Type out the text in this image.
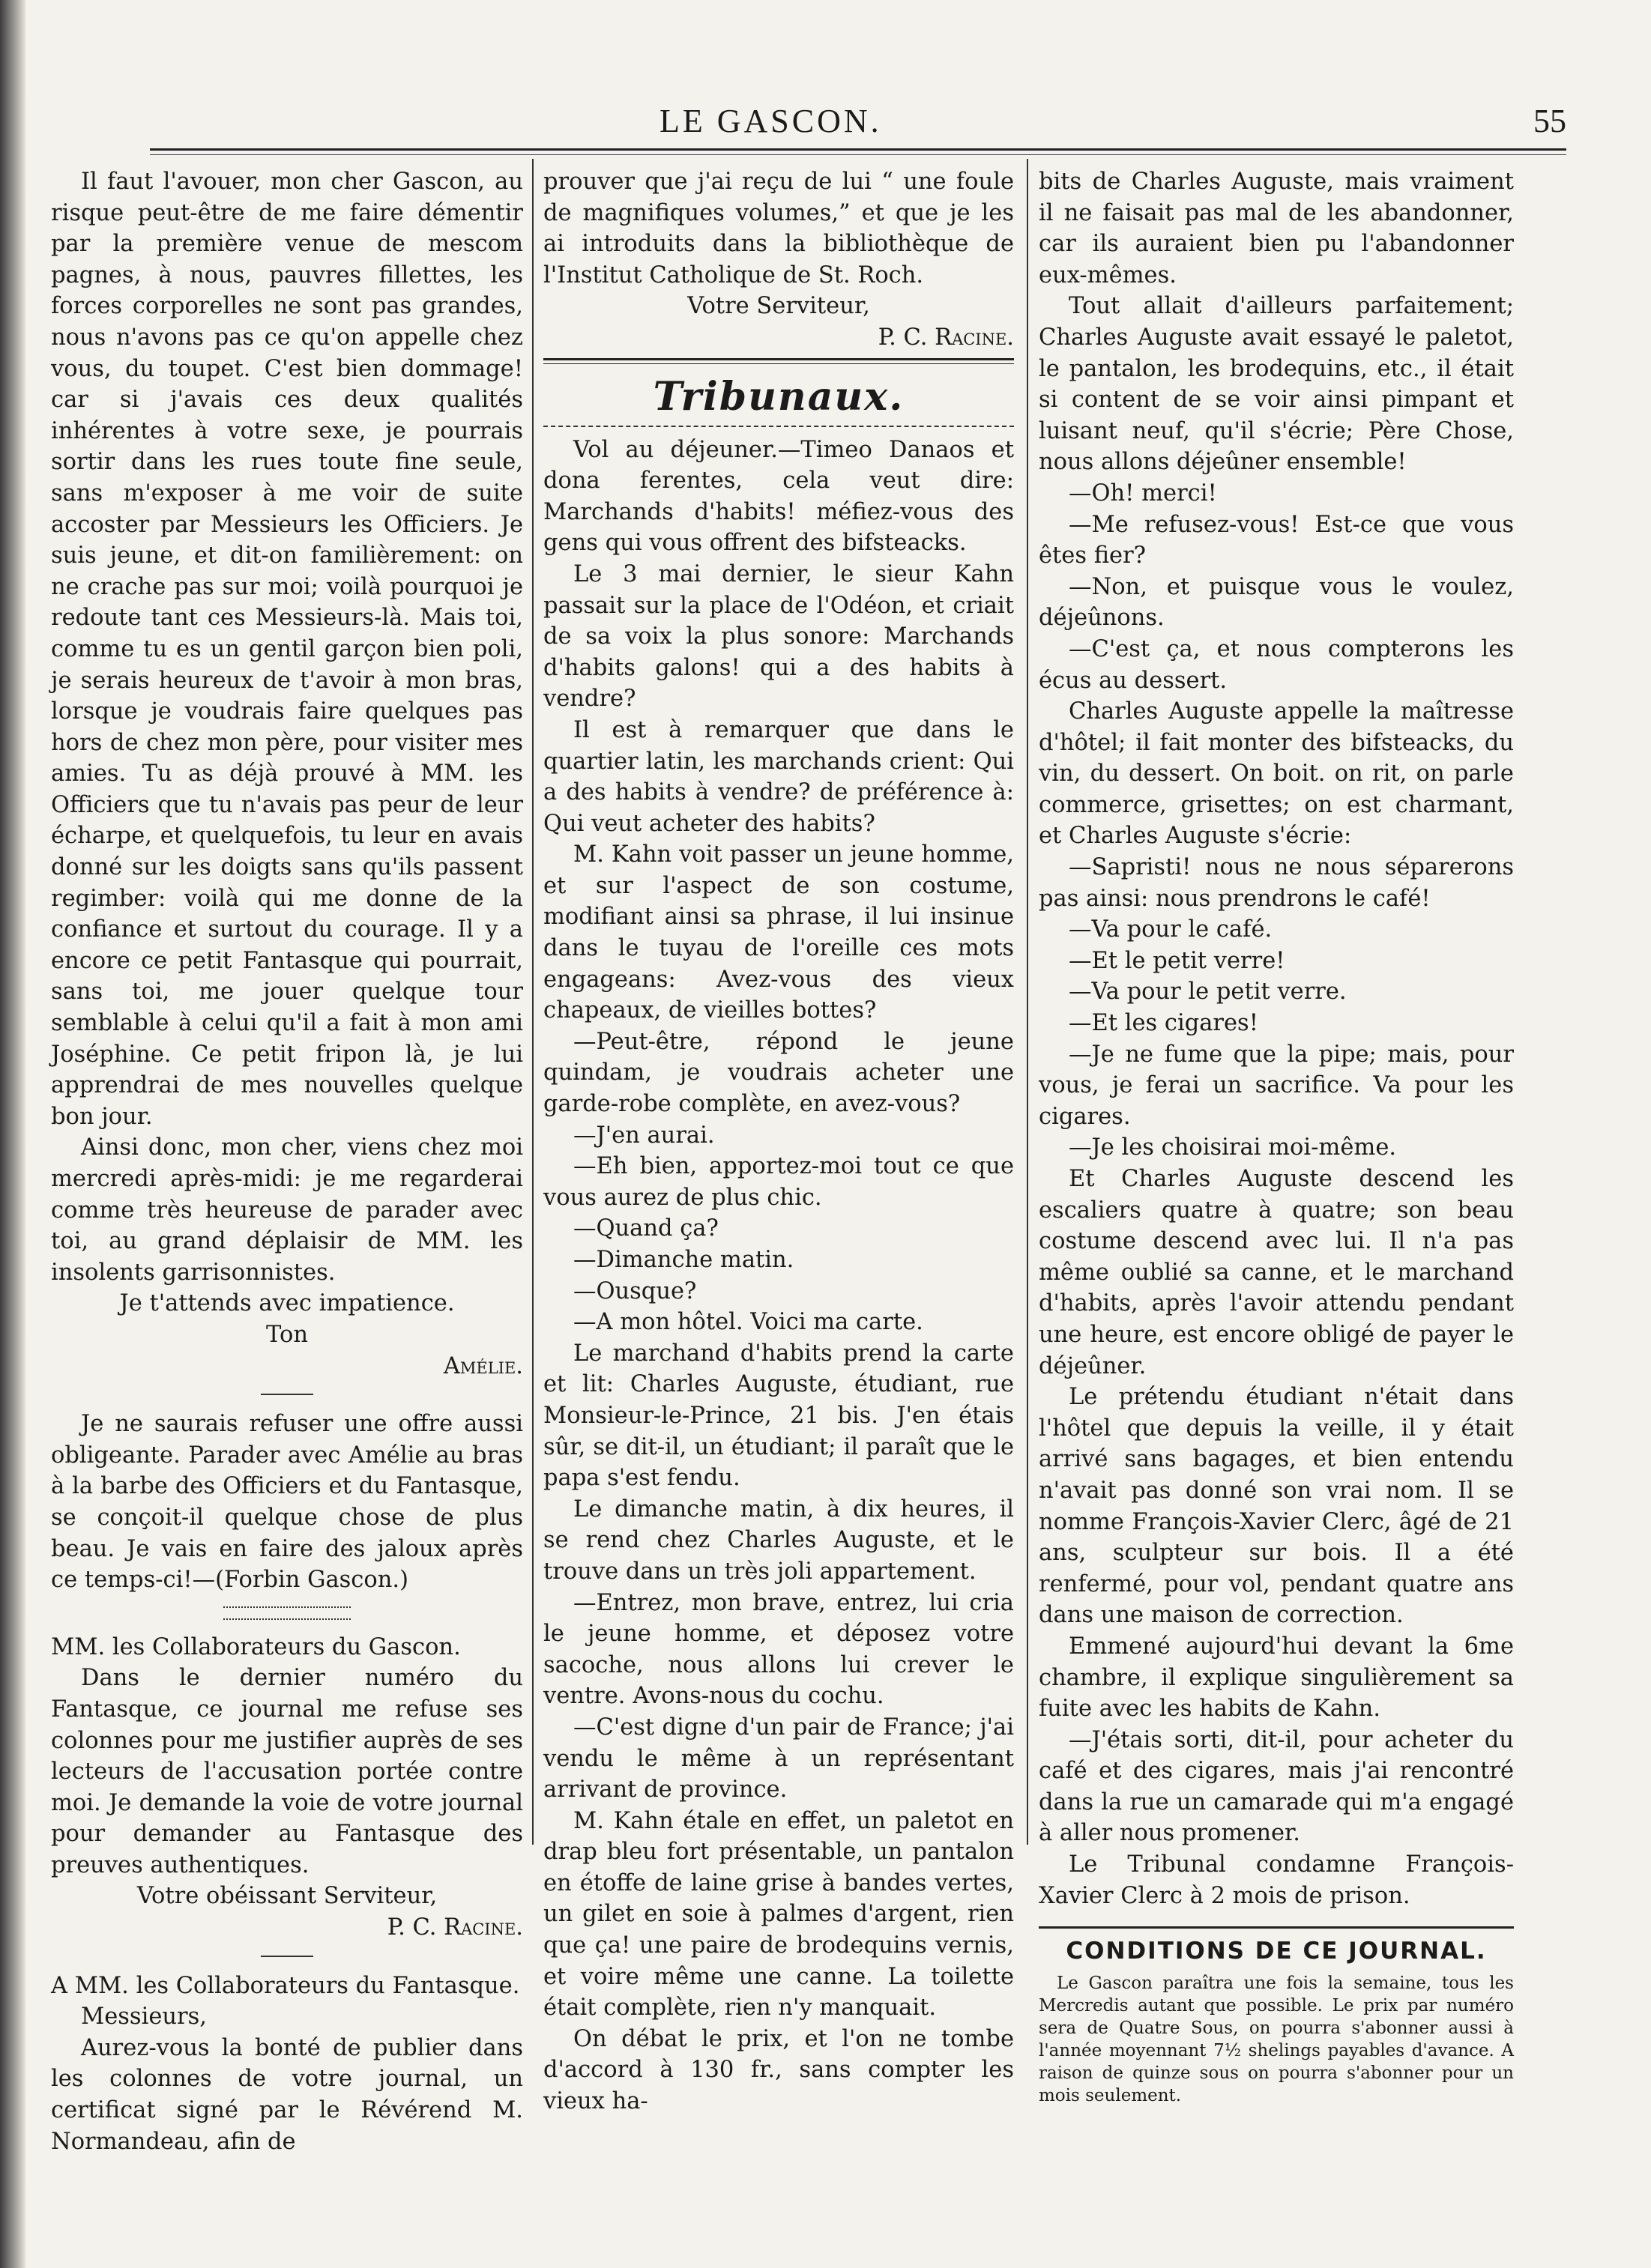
LE GASCON.	55

Il faut l'avouer, mon cher Gascon, au risque peut-être de me faire démentir par la première venue de mescom pagnes, à nous, pauvres fillettes, les forces corporelles ne sont pas grandes, nous n'avons pas ce qu'on appelle chez vous, du toupet. C'est bien dommage! car si j'avais ces deux qualités inhérentes à votre sexe, je pourrais sortir dans les rues toute fine seule, sans m'exposer à me voir de suite accoster par Messieurs les Officiers. Je suis jeune, et dit-on familièrement: on ne crache pas sur moi; voilà pourquoi je redoute tant ces Messieurs-là. Mais toi, comme tu es un gentil garçon bien poli, je serais heureux de t'avoir à mon bras, lorsque je voudrais faire quelques pas hors de chez mon père, pour visiter mes amies. Tu as déjà prouvé à MM. les Officiers que tu n'avais pas peur de leur écharpe, et quelquefois, tu leur en avais donné sur les doigts sans qu'ils passent regimber: voilà qui me donne de la confiance et surtout du courage. Il y a encore ce petit Fantasque qui pourrait, sans toi, me jouer quelque tour semblable à celui qu'il a fait à mon ami Joséphine. Ce petit fripon là, je lui apprendrai de mes nouvelles quelque bon jour.

Ainsi donc, mon cher, viens chez moi mercredi après-midi: je me regarderai comme très heureuse de parader avec toi, au grand déplaisir de MM. les insolents garrisonnistes.

Je t'attends avec impatience.

Ton

Amélie.

Je ne saurais refuser une offre aussi obligeante. Parader avec Amélie au bras à la barbe des Officiers et du Fantasque, se conçoit-il quelque chose de plus beau. Je vais en faire des jaloux après ce temps-ci!—(Forbin Gascon.)

MM. les Collaborateurs du Gascon.

Dans le dernier numéro du Fantasque, ce journal me refuse ses colonnes pour me justifier auprès de ses lecteurs de l'accusation portée contre moi. Je demande la voie de votre journal pour demander au Fantasque des preuves authentiques.

Votre obéissant Serviteur,

P. C. Racine.

A MM. les Collaborateurs du Fantasque.

Messieurs,

Aurez-vous la bonté de publier dans les colonnes de votre journal, un certificat signé par le Révérend M. Normandeau, afin de

prouver que j'ai reçu de lui “ une foule de magnifiques volumes,” et que je les ai introduits dans la bibliothèque de l'Institut Catholique de St. Roch.

Votre Serviteur,

P. C. Racine.

Tribunaux.

Vol au déjeuner.—Timeo Danaos et dona ferentes, cela veut dire: Marchands d'habits! méfiez-vous des gens qui vous offrent des bifsteacks.

Le 3 mai dernier, le sieur Kahn passait sur la place de l'Odéon, et criait de sa voix la plus sonore: Marchands d'habits galons! qui a des habits à vendre?

Il est à remarquer que dans le quartier latin, les marchands crient: Qui a des habits à vendre? de préférence à: Qui veut acheter des habits?

M. Kahn voit passer un jeune homme, et sur l'aspect de son costume, modifiant ainsi sa phrase, il lui insinue dans le tuyau de l'oreille ces mots engageans: Avez-vous des vieux chapeaux, de vieilles bottes?

—Peut-être, répond le jeune quindam, je voudrais acheter une garde-robe complète, en avez-vous?

—J'en aurai.

—Eh bien, apportez-moi tout ce que vous aurez de plus chic.

—Quand ça?

—Dimanche matin.

—Ousque?

—A mon hôtel. Voici ma carte.

Le marchand d'habits prend la carte et lit: Charles Auguste, étudiant, rue Monsieur-le-Prince, 21 bis. J'en étais sûr, se dit-il, un étudiant; il paraît que le papa s'est fendu.

Le dimanche matin, à dix heures, il se rend chez Charles Auguste, et le trouve dans un très joli appartement.

—Entrez, mon brave, entrez, lui cria le jeune homme, et déposez votre sacoche, nous allons lui crever le ventre. Avons-nous du cochu.

—C'est digne d'un pair de France; j'ai vendu le même à un représentant arrivant de province.

M. Kahn étale en effet, un paletot en drap bleu fort présentable, un pantalon en étoffe de laine grise à bandes vertes, un gilet en soie à palmes d'argent, rien que ça! une paire de brodequins vernis, et voire même une canne. La toilette était complète, rien n'y manquait.

On débat le prix, et l'on ne tombe d'accord à 130 fr., sans compter les vieux ha-

bits de Charles Auguste, mais vraiment il ne faisait pas mal de les abandonner, car ils auraient bien pu l'abandonner eux-mêmes.

Tout allait d'ailleurs parfaitement; Charles Auguste avait essayé le paletot, le pantalon, les brodequins, etc., il était si content de se voir ainsi pimpant et luisant neuf, qu'il s'écrie; Père Chose, nous allons déjeûner ensemble!

—Oh! merci!

—Me refusez-vous! Est-ce que vous êtes fier?

—Non, et puisque vous le voulez, déjeûnons.

—C'est ça, et nous compterons les écus au dessert.

Charles Auguste appelle la maîtresse d'hôtel; il fait monter des bifsteacks, du vin, du dessert. On boit. on rit, on parle commerce, grisettes; on est charmant, et Charles Auguste s'écrie:

—Sapristi! nous ne nous séparerons pas ainsi: nous prendrons le café!

—Va pour le café.

—Et le petit verre!

—Va pour le petit verre.

—Et les cigares!

—Je ne fume que la pipe; mais, pour vous, je ferai un sacrifice. Va pour les cigares.

—Je les choisirai moi-même.

Et Charles Auguste descend les escaliers quatre à quatre; son beau costume descend avec lui. Il n'a pas même oublié sa canne, et le marchand d'habits, après l'avoir attendu pendant une heure, est encore obligé de payer le déjeûner.

Le prétendu étudiant n'était dans l'hôtel que depuis la veille, il y était arrivé sans bagages, et bien entendu n'avait pas donné son vrai nom. Il se nomme François-Xavier Clerc, âgé de 21 ans, sculpteur sur bois. Il a été renfermé, pour vol, pendant quatre ans dans une maison de correction.

Emmené aujourd'hui devant la 6me chambre, il explique singulièrement sa fuite avec les habits de Kahn.

—J'étais sorti, dit-il, pour acheter du café et des cigares, mais j'ai rencontré dans la rue un camarade qui m'a engagé à aller nous promener.

Le Tribunal condamne François-Xavier Clerc à 2 mois de prison.

CONDITIONS DE CE JOURNAL.
Le Gascon paraîtra une fois la semaine, tous les Mercredis autant que possible. Le prix par numéro sera de Quatre Sous, on pourra s'abonner aussi à l'année moyennant 7½ shelings payables d'avance. A raison de quinze sous on pourra s'abonner pour un mois seulement.
